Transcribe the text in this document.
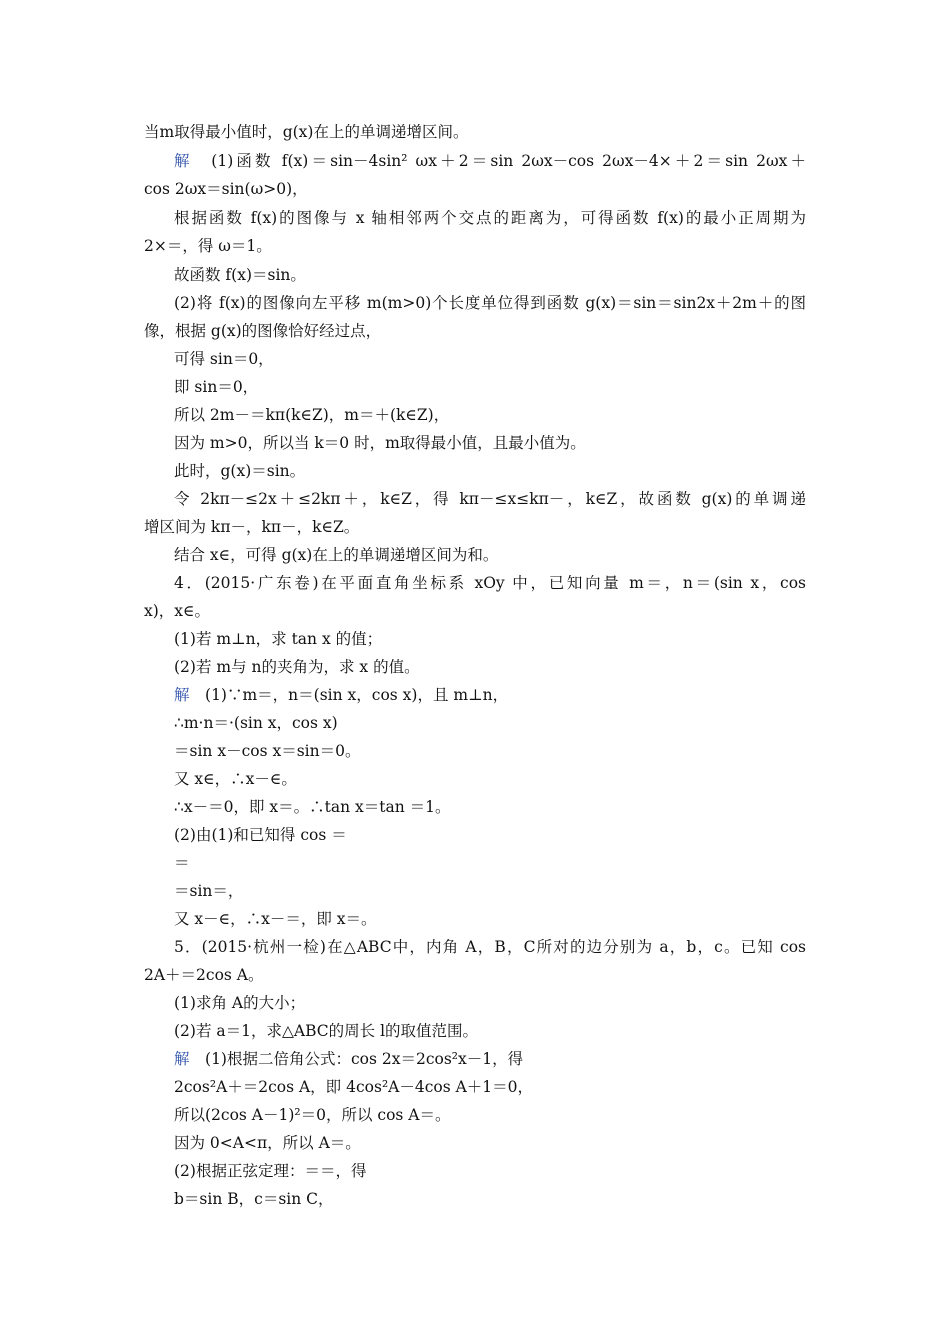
当m取得最小值时，g(x)在上的单调递增区间。
解　(1)函数 f(x)＝sin－4sin² ωx＋2＝sin 2ωx－cos 2ωx－4×＋2＝sin 2ωx＋
cos 2ωx＝sin(ω>0)，
根据函数 f(x)的图像与 x 轴相邻两个交点的距离为，可得函数 f(x)的最小正周期为
2×＝，得 ω＝1。
故函数 f(x)＝sin。
(2)将 f(x)的图像向左平移 m(m>0)个长度单位得到函数 g(x)＝sin＝sin2x＋2m＋的图
像，根据 g(x)的图像恰好经过点，
可得 sin＝0，
即 sin＝0，
所以 2m－＝kπ(k∈Z)，m＝＋(k∈Z)，
因为 m>0，所以当 k＝0 时，m取得最小值，且最小值为。
此时，g(x)＝sin。
令 2kπ－≤2x＋≤2kπ＋，k∈Z，得 kπ－≤x≤kπ－，k∈Z，故函数 g(x)的单调递
增区间为 kπ－，kπ－，k∈Z。
结合 x∈，可得 g(x)在上的单调递增区间为和。
4．(2015·广东卷)在平面直角坐标系 xOy 中，已知向量 m＝，n＝(sin x，cos
x)，x∈。
(1)若 m⊥n，求 tan x 的值；
(2)若 m与 n的夹角为，求 x 的值。
解　(1)∵m＝，n＝(sin x，cos x)，且 m⊥n，
∴m·n＝·(sin x，cos x)
＝sin x－cos x＝sin＝0。
又 x∈，∴x－∈。
∴x－＝0，即 x＝。∴tan x＝tan ＝1。
(2)由(1)和已知得 cos ＝
＝
＝sin＝，
又 x－∈，∴x－＝，即 x＝。
5．(2015·杭州一检)在△ABC中，内角 A，B，C所对的边分别为 a，b，c。已知 cos
2A＋＝2cos A。
(1)求角 A的大小；
(2)若 a＝1，求△ABC的周长 l的取值范围。
解　(1)根据二倍角公式：cos 2x＝2cos²x－1，得
2cos²A＋＝2cos A，即 4cos²A－4cos A＋1＝0，
所以(2cos A－1)²＝0，所以 cos A＝。
因为 0<A<π，所以 A＝。
(2)根据正弦定理：＝＝，得
b＝sin B，c＝sin C，
